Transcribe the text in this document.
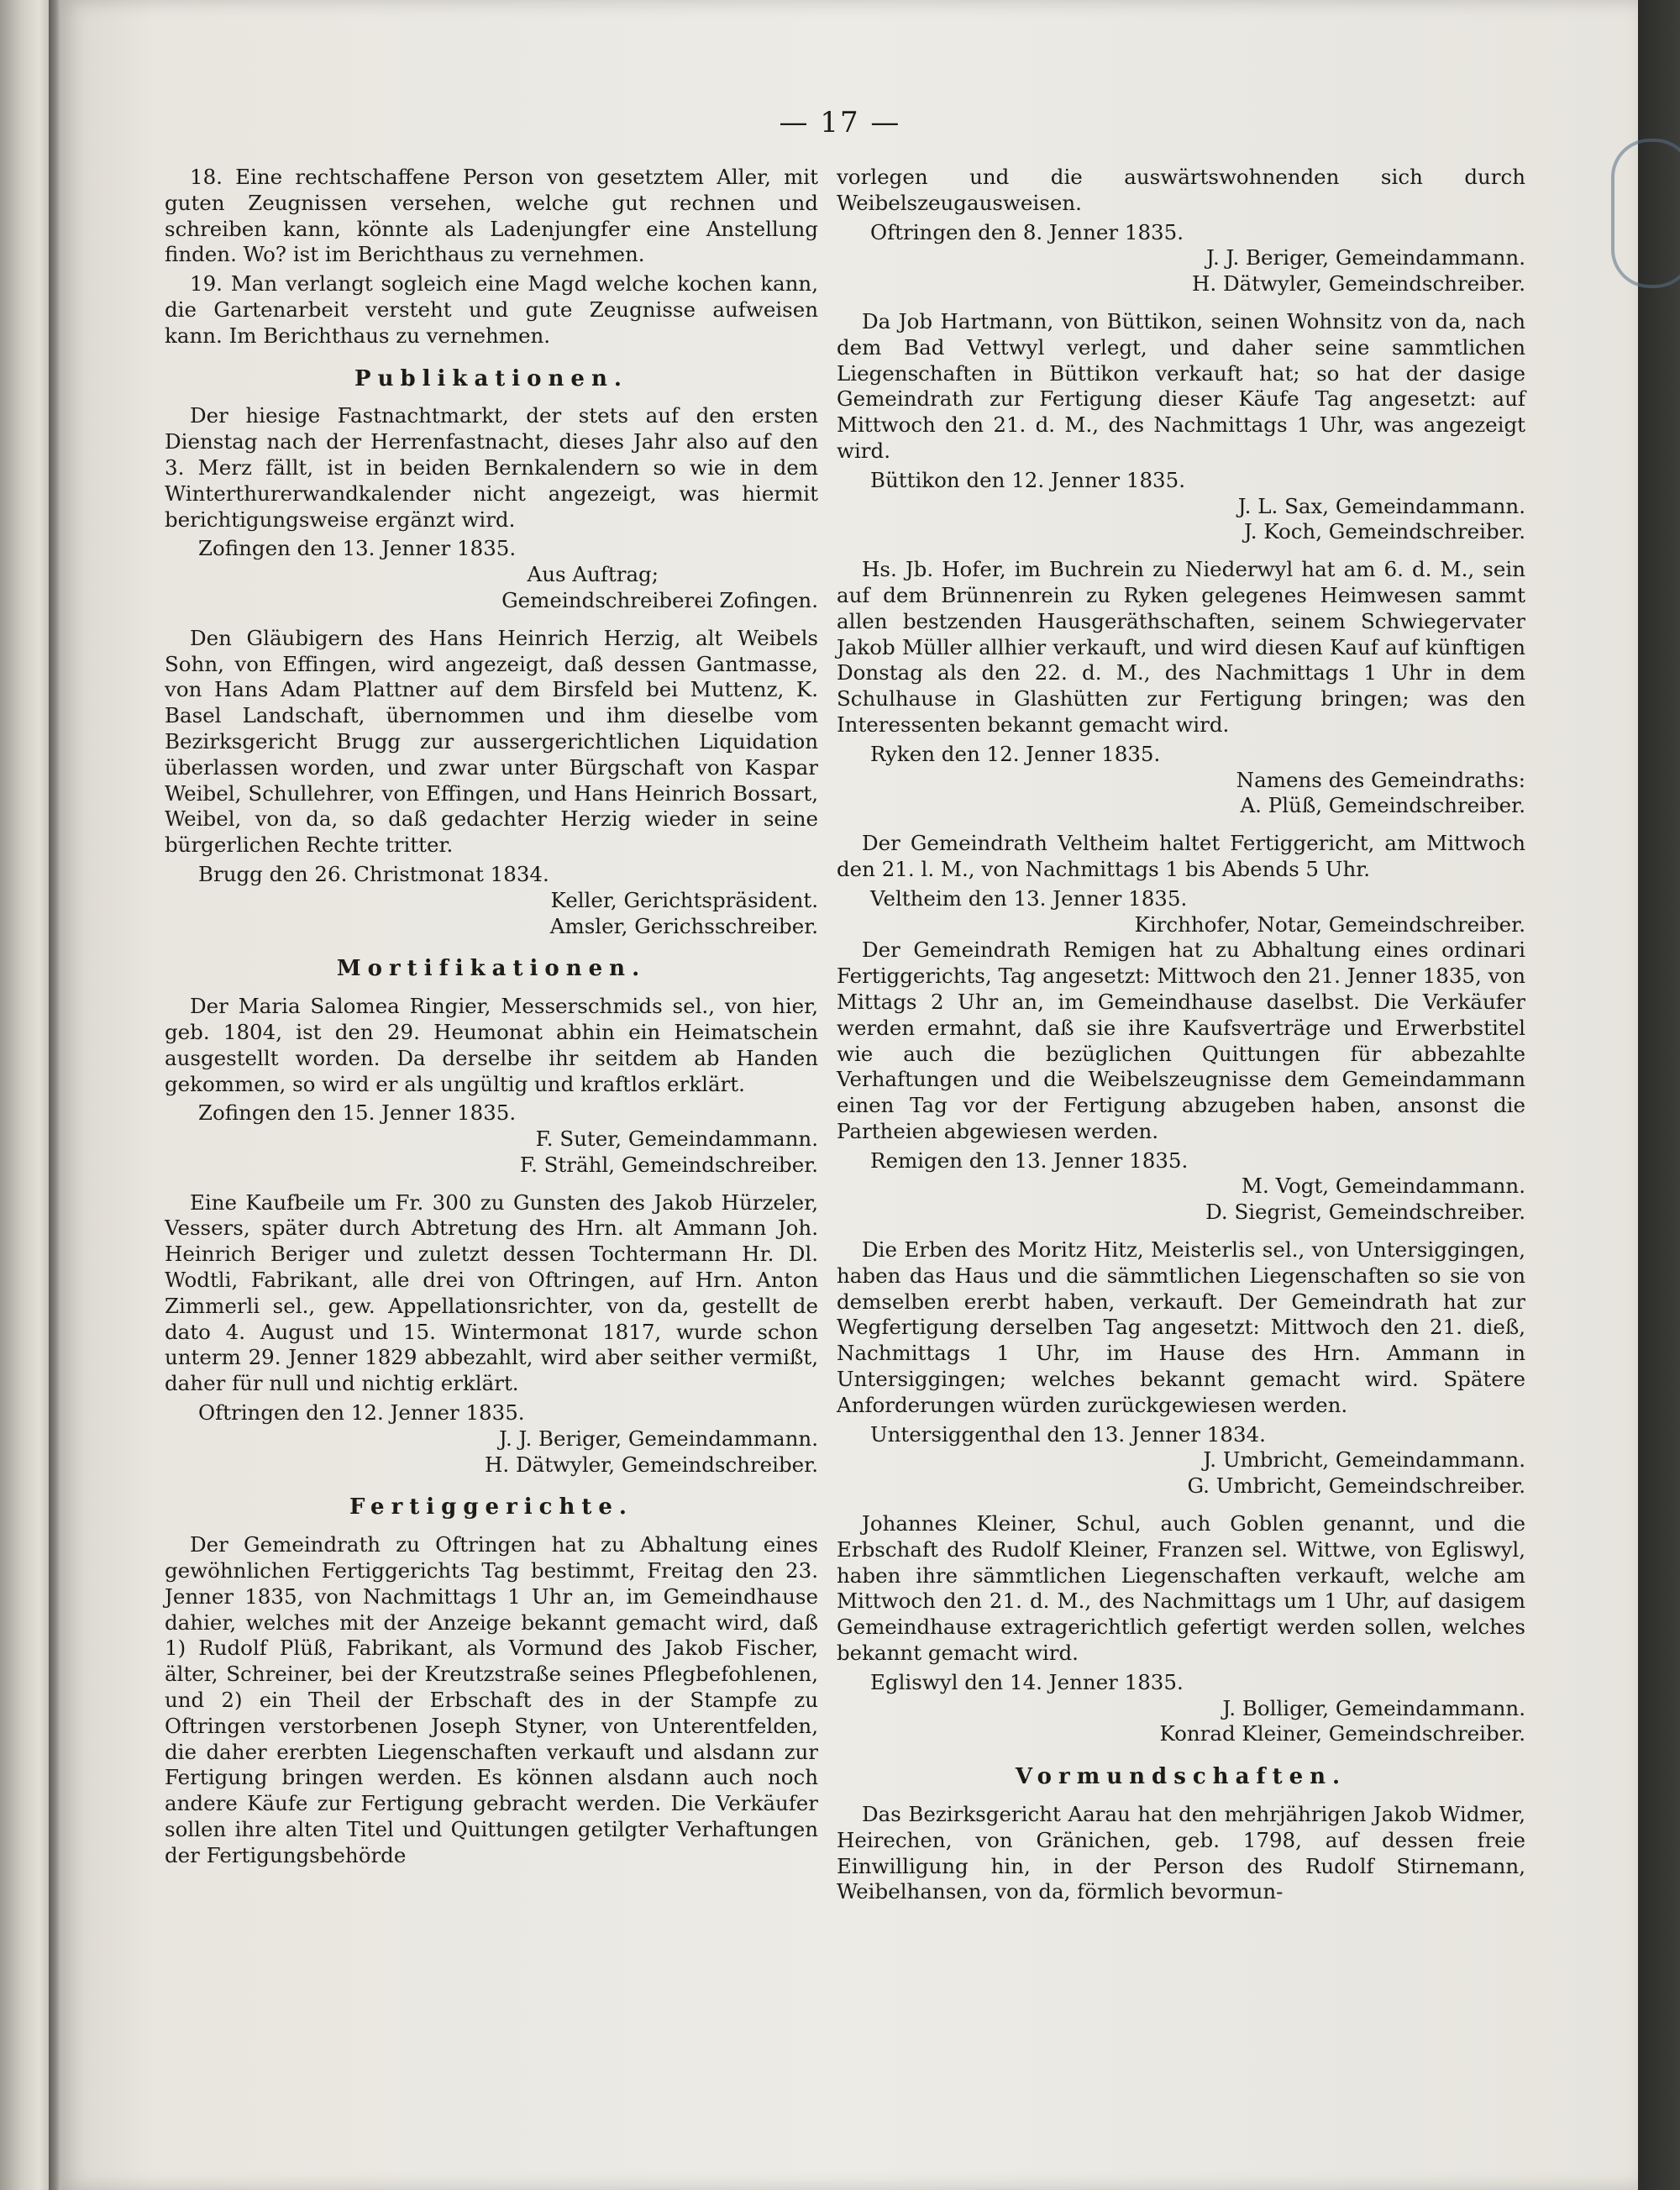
— 17 —

18. Eine rechtschaffene Person von gesetztem Aller, mit guten Zeugnissen versehen, welche gut rechnen und schreiben kann, könnte als Ladenjungfer eine Anstellung finden. Wo? ist im Berichthaus zu vernehmen.

19. Man verlangt sogleich eine Magd welche kochen kann, die Gartenarbeit versteht und gute Zeugnisse aufweisen kann. Im Berichthaus zu vernehmen.

Publikationen.

Der hiesige Fastnachtmarkt, der stets auf den ersten Dienstag nach der Herrenfastnacht, dieses Jahr also auf den 3. Merz fällt, ist in beiden Bernkalendern so wie in dem Winterthurerwandkalender nicht angezeigt, was hiermit berichtigungsweise ergänzt wird.

Zofingen den 13. Jenner 1835.

Aus Auftrag;

Gemeindschreiberei Zofingen.

Den Gläubigern des Hans Heinrich Herzig, alt Weibels Sohn, von Effingen, wird angezeigt, daß dessen Gantmasse, von Hans Adam Plattner auf dem Birsfeld bei Muttenz, K. Basel Landschaft, übernommen und ihm dieselbe vom Bezirksgericht Brugg zur aussergerichtlichen Liquidation überlassen worden, und zwar unter Bürgschaft von Kaspar Weibel, Schullehrer, von Effingen, und Hans Heinrich Bossart, Weibel, von da, so daß gedachter Herzig wieder in seine bürgerlichen Rechte tritter.

Brugg den 26. Christmonat 1834.

Keller, Gerichtspräsident.

Amsler, Gerichsschreiber.

Mortifikationen.

Der Maria Salomea Ringier, Messerschmids sel., von hier, geb. 1804, ist den 29. Heumonat abhin ein Heimatschein ausgestellt worden. Da derselbe ihr seitdem ab Handen gekommen, so wird er als ungültig und kraftlos erklärt.

Zofingen den 15. Jenner 1835.

F. Suter, Gemeindammann.

F. Strähl, Gemeindschreiber.

Eine Kaufbeile um Fr. 300 zu Gunsten des Jakob Hürzeler, Vessers, später durch Abtretung des Hrn. alt Ammann Joh. Heinrich Beriger und zuletzt dessen Tochtermann Hr. Dl. Wodtli, Fabrikant, alle drei von Oftringen, auf Hrn. Anton Zimmerli sel., gew. Appellationsrichter, von da, gestellt de dato 4. August und 15. Wintermonat 1817, wurde schon unterm 29. Jenner 1829 abbezahlt, wird aber seither vermißt, daher für null und nichtig erklärt.

Oftringen den 12. Jenner 1835.

J. J. Beriger, Gemeindammann.

H. Dätwyler, Gemeindschreiber.

Fertiggerichte.

Der Gemeindrath zu Oftringen hat zu Abhaltung eines gewöhnlichen Fertiggerichts Tag bestimmt, Freitag den 23. Jenner 1835, von Nachmittags 1 Uhr an, im Gemeindhause dahier, welches mit der Anzeige bekannt gemacht wird, daß 1) Rudolf Plüß, Fabrikant, als Vormund des Jakob Fischer, älter, Schreiner, bei der Kreutzstraße seines Pflegbefohlenen, und 2) ein Theil der Erbschaft des in der Stampfe zu Oftringen verstorbenen Joseph Styner, von Unterentfelden, die daher ererbten Liegenschaften verkauft und alsdann zur Fertigung bringen werden. Es können alsdann auch noch andere Käufe zur Fertigung gebracht werden. Die Verkäufer sollen ihre alten Titel und Quittungen getilgter Verhaftungen der Fertigungsbehörde

vorlegen und die auswärtswohnenden sich durch Weibelszeugausweisen.

Oftringen den 8. Jenner 1835.

J. J. Beriger, Gemeindammann.

H. Dätwyler, Gemeindschreiber.

Da Job Hartmann, von Büttikon, seinen Wohnsitz von da, nach dem Bad Vettwyl verlegt, und daher seine sammtlichen Liegenschaften in Büttikon verkauft hat; so hat der dasige Gemeindrath zur Fertigung dieser Käufe Tag angesetzt: auf Mittwoch den 21. d. M., des Nachmittags 1 Uhr, was angezeigt wird.

Büttikon den 12. Jenner 1835.

J. L. Sax, Gemeindammann.

J. Koch, Gemeindschreiber.

Hs. Jb. Hofer, im Buchrein zu Niederwyl hat am 6. d. M., sein auf dem Brünnenrein zu Ryken gelegenes Heimwesen sammt allen bestzenden Hausgeräthschaften, seinem Schwiegervater Jakob Müller allhier verkauft, und wird diesen Kauf auf künftigen Donstag als den 22. d. M., des Nachmittags 1 Uhr in dem Schulhause in Glashütten zur Fertigung bringen; was den Interessenten bekannt gemacht wird.

Ryken den 12. Jenner 1835.

Namens des Gemeindraths:

A. Plüß, Gemeindschreiber.

Der Gemeindrath Veltheim haltet Fertiggericht, am Mittwoch den 21. l. M., von Nachmittags 1 bis Abends 5 Uhr.

Veltheim den 13. Jenner 1835.

Kirchhofer, Notar, Gemeindschreiber.

Der Gemeindrath Remigen hat zu Abhaltung eines ordinari Fertiggerichts, Tag angesetzt: Mittwoch den 21. Jenner 1835, von Mittags 2 Uhr an, im Gemeindhause daselbst. Die Verkäufer werden ermahnt, daß sie ihre Kaufsverträge und Erwerbstitel wie auch die bezüglichen Quittungen für abbezahlte Verhaftungen und die Weibelszeugnisse dem Gemeindammann einen Tag vor der Fertigung abzugeben haben, ansonst die Partheien abgewiesen werden.

Remigen den 13. Jenner 1835.

M. Vogt, Gemeindammann.

D. Siegrist, Gemeindschreiber.

Die Erben des Moritz Hitz, Meisterlis sel., von Untersiggingen, haben das Haus und die sämmtlichen Liegenschaften so sie von demselben ererbt haben, verkauft. Der Gemeindrath hat zur Wegfertigung derselben Tag angesetzt: Mittwoch den 21. dieß, Nachmittags 1 Uhr, im Hause des Hrn. Ammann in Untersiggingen; welches bekannt gemacht wird. Spätere Anforderungen würden zurückgewiesen werden.

Untersiggenthal den 13. Jenner 1834.

J. Umbricht, Gemeindammann.

G. Umbricht, Gemeindschreiber.

Johannes Kleiner, Schul, auch Goblen genannt, und die Erbschaft des Rudolf Kleiner, Franzen sel. Wittwe, von Egliswyl, haben ihre sämmtlichen Liegenschaften verkauft, welche am Mittwoch den 21. d. M., des Nachmittags um 1 Uhr, auf dasigem Gemeindhause extragerichtlich gefertigt werden sollen, welches bekannt gemacht wird.

Egliswyl den 14. Jenner 1835.

J. Bolliger, Gemeindammann.

Konrad Kleiner, Gemeindschreiber.

Vormundschaften.

Das Bezirksgericht Aarau hat den mehrjährigen Jakob Widmer, Heirechen, von Gränichen, geb. 1798, auf dessen freie Einwilligung hin, in der Person des Rudolf Stirnemann, Weibelhansen, von da, förmlich bevormun-
